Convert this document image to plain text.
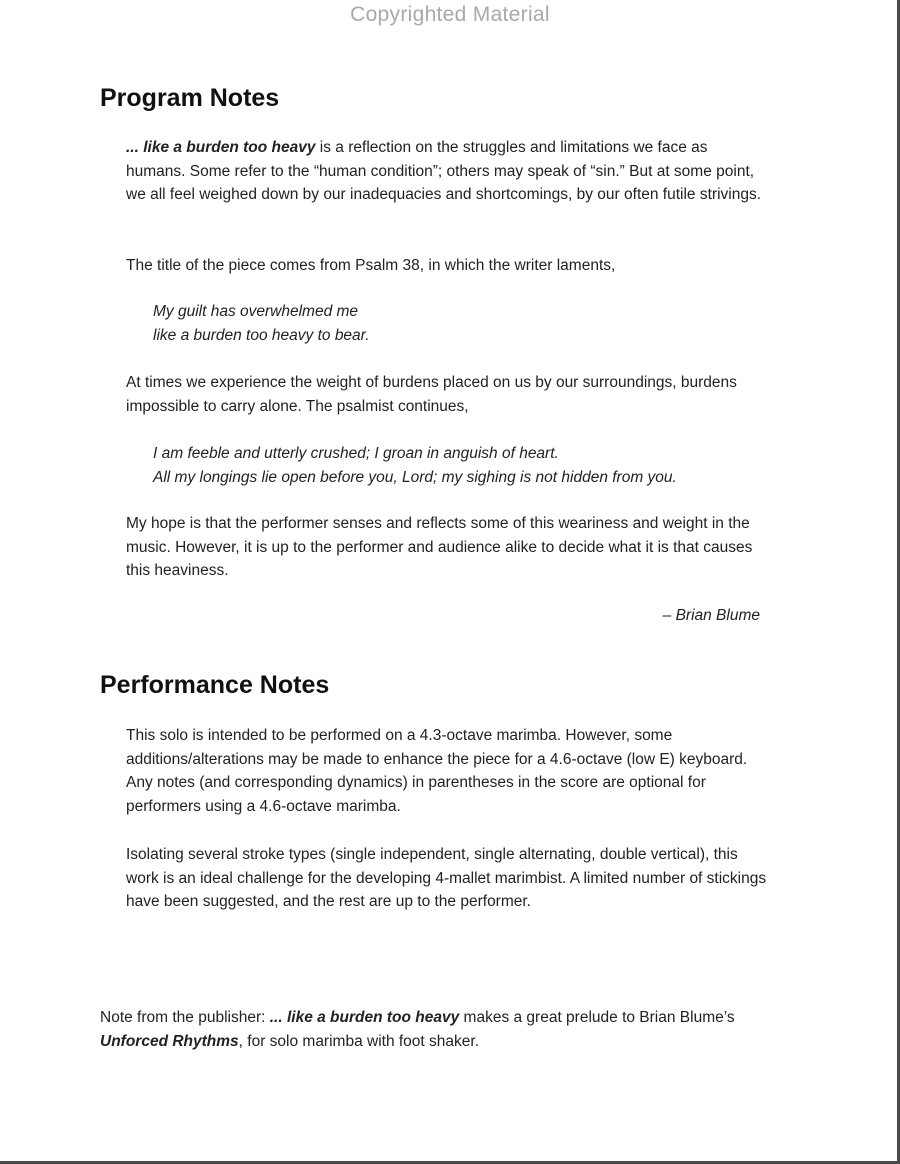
Copyrighted Material
Program Notes

... like a burden too heavy is a reflection on the struggles and limitations we face as humans. Some refer to the “human condition”; others may speak of “sin.” But at some point, we all feel weighed down by our inadequacies and shortcomings, by our often futile strivings.

The title of the piece comes from Psalm 38, in which the writer laments,

My guilt has overwhelmed me
like a burden too heavy to bear.

At times we experience the weight of burdens placed on us by our surroundings, burdens impossible to carry alone. The psalmist continues,

I am feeble and utterly crushed; I groan in anguish of heart.
All my longings lie open before you, Lord; my sighing is not hidden from you.

My hope is that the performer senses and reflects some of this weariness and weight in the music. However, it is up to the performer and audience alike to decide what it is that causes this heaviness.

– Brian Blume

Performance Notes

This solo is intended to be performed on a 4.3-octave marimba. However, some additions/alterations may be made to enhance the piece for a 4.6-octave (low E) keyboard. Any notes (and corresponding dynamics) in parentheses in the score are optional for performers using a 4.6-octave marimba.

Isolating several stroke types (single independent, single alternating, double vertical), this work is an ideal challenge for the developing 4-mallet marimbist. A limited number of stickings have been suggested, and the rest are up to the performer.

Note from the publisher: ... like a burden too heavy makes a great prelude to Brian Blume’s Unforced Rhythms, for solo marimba with foot shaker.
